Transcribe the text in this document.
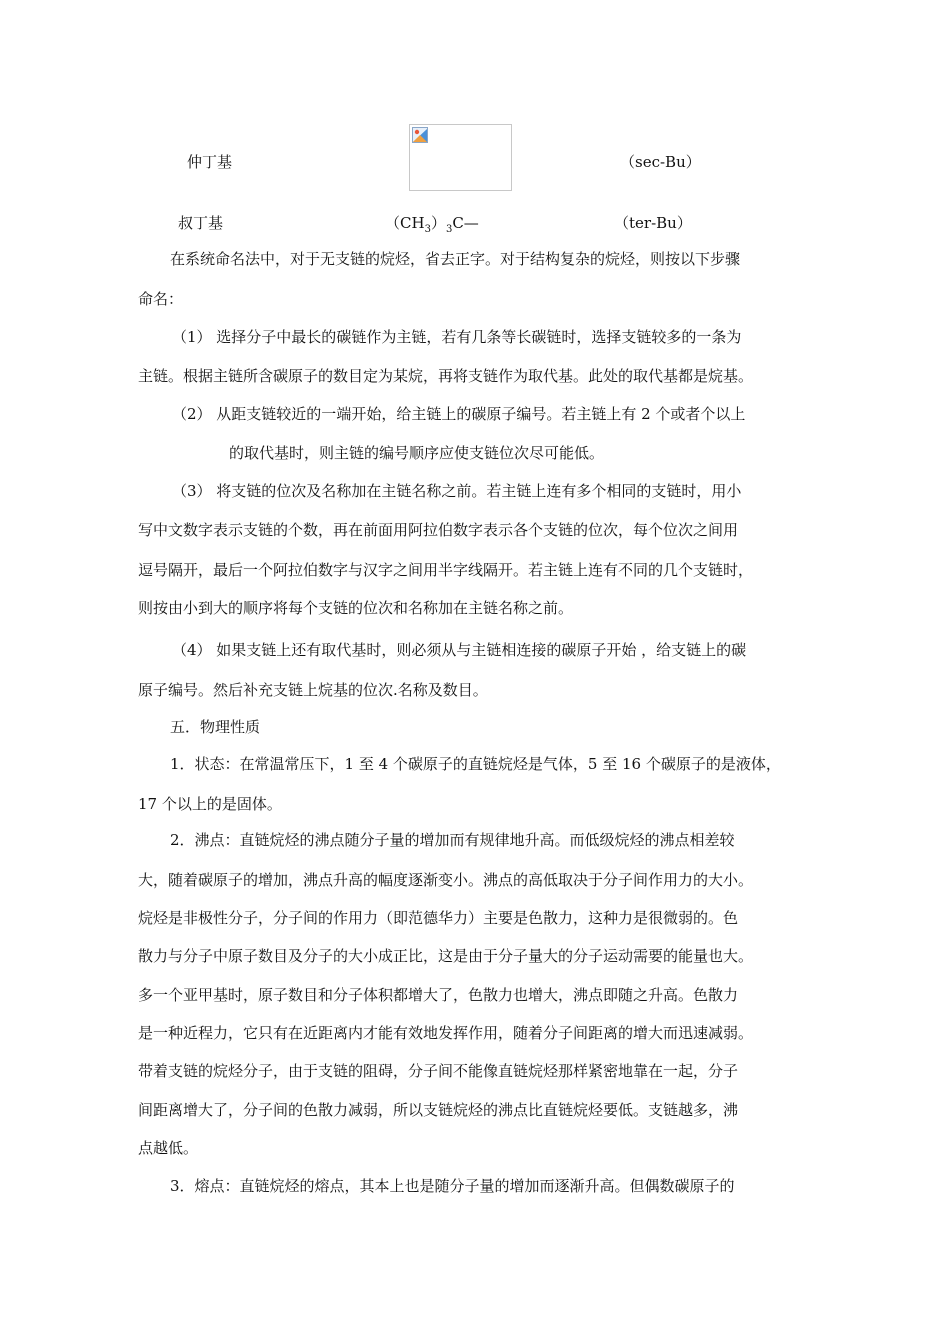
仲丁基	（sec-Bu）
叔丁基	$(CH_3)_3C—$	（ter-Bu）
在系统命名法中，对于无支链的烷烃，省去正字。对于结构复杂的烷烃，则按以下步骤
命名：
（1） 选择分子中最长的碳链作为主链，若有几条等长碳链时，选择支链较多的一条为
主链。根据主链所含碳原子的数目定为某烷，再将支链作为取代基。此处的取代基都是烷基。
（2） 从距支链较近的一端开始，给主链上的碳原子编号。若主链上有 2 个或者个以上
的取代基时，则主链的编号顺序应使支链位次尽可能低。
（3） 将支链的位次及名称加在主链名称之前。若主链上连有多个相同的支链时，用小
写中文数字表示支链的个数，再在前面用阿拉伯数字表示各个支链的位次，每个位次之间用
逗号隔开，最后一个阿拉伯数字与汉字之间用半字线隔开。若主链上连有不同的几个支链时，
则按由小到大的顺序将每个支链的位次和名称加在主链名称之前。
（4） 如果支链上还有取代基时，则必须从与主链相连接的碳原子开始 ，给支链上的碳
原子编号。然后补充支链上烷基的位次.名称及数目。
五．物理性质
1．状态：在常温常压下，1 至 4 个碳原子的直链烷烃是气体，5 至 16 个碳原子的是液体，
17 个以上的是固体。
2．沸点：直链烷烃的沸点随分子量的增加而有规律地升高。而低级烷烃的沸点相差较
大，随着碳原子的增加，沸点升高的幅度逐渐变小。沸点的高低取决于分子间作用力的大小。
烷烃是非极性分子，分子间的作用力（即范德华力）主要是色散力，这种力是很微弱的。色
散力与分子中原子数目及分子的大小成正比，这是由于分子量大的分子运动需要的能量也大。
多一个亚甲基时，原子数目和分子体积都增大了，色散力也增大，沸点即随之升高。色散力
是一种近程力，它只有在近距离内才能有效地发挥作用，随着分子间距离的增大而迅速减弱。
带着支链的烷烃分子，由于支链的阻碍，分子间不能像直链烷烃那样紧密地靠在一起，分子
间距离增大了，分子间的色散力减弱，所以支链烷烃的沸点比直链烷烃要低。支链越多，沸
点越低。
3．熔点：直链烷烃的熔点，其本上也是随分子量的增加而逐渐升高。但偶数碳原子的
